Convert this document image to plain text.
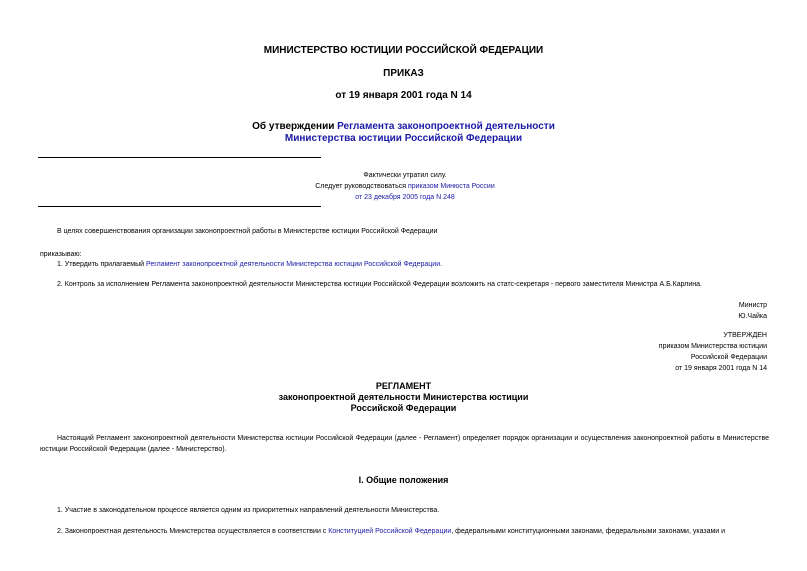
МИНИСТЕРСТВО ЮСТИЦИИ РОССИЙСКОЙ ФЕДЕРАЦИИ
ПРИКАЗ
от 19 января 2001 года N 14
Об утверждении Регламента законопроектной деятельности
Министерства юстиции Российской Федерации
Фактически утратил силу.
Следует руководствоваться приказом Минюста России
от 23 декабря 2005 года N 248
В целях совершенствования организации законопроектной работы в Министерстве юстиции Российской Федерации
приказываю:
1. Утвердить прилагаемый Регламент законопроектной деятельности Министерства юстиции Российской Федерации.
2. Контроль за исполнением Регламента законопроектной деятельности Министерства юстиции Российской Федерации возложить на статс-секретаря - первого заместителя Министра А.Б.Карлина.
Министр
Ю.Чайка
УТВЕРЖДЕН
приказом Министерства юстиции
Российской Федерации
от 19 января 2001 года N 14
РЕГЛАМЕНТ
законопроектной деятельности Министерства юстиции
Российской Федерации
Настоящий Регламент законопроектной деятельности Министерства юстиции Российской Федерации (далее - Регламент) определяет порядок организации и осуществления законопроектной работы в Министерстве юстиции Российской Федерации (далее - Министерство).
I. Общие положения
1. Участие в законодательном процессе является одним из приоритетных направлений деятельности Министерства.
2. Законопроектная деятельность Министерства осуществляется в соответствии с Конституцией Российской Федерации, федеральными конституционными законами, федеральными законами, указами и
